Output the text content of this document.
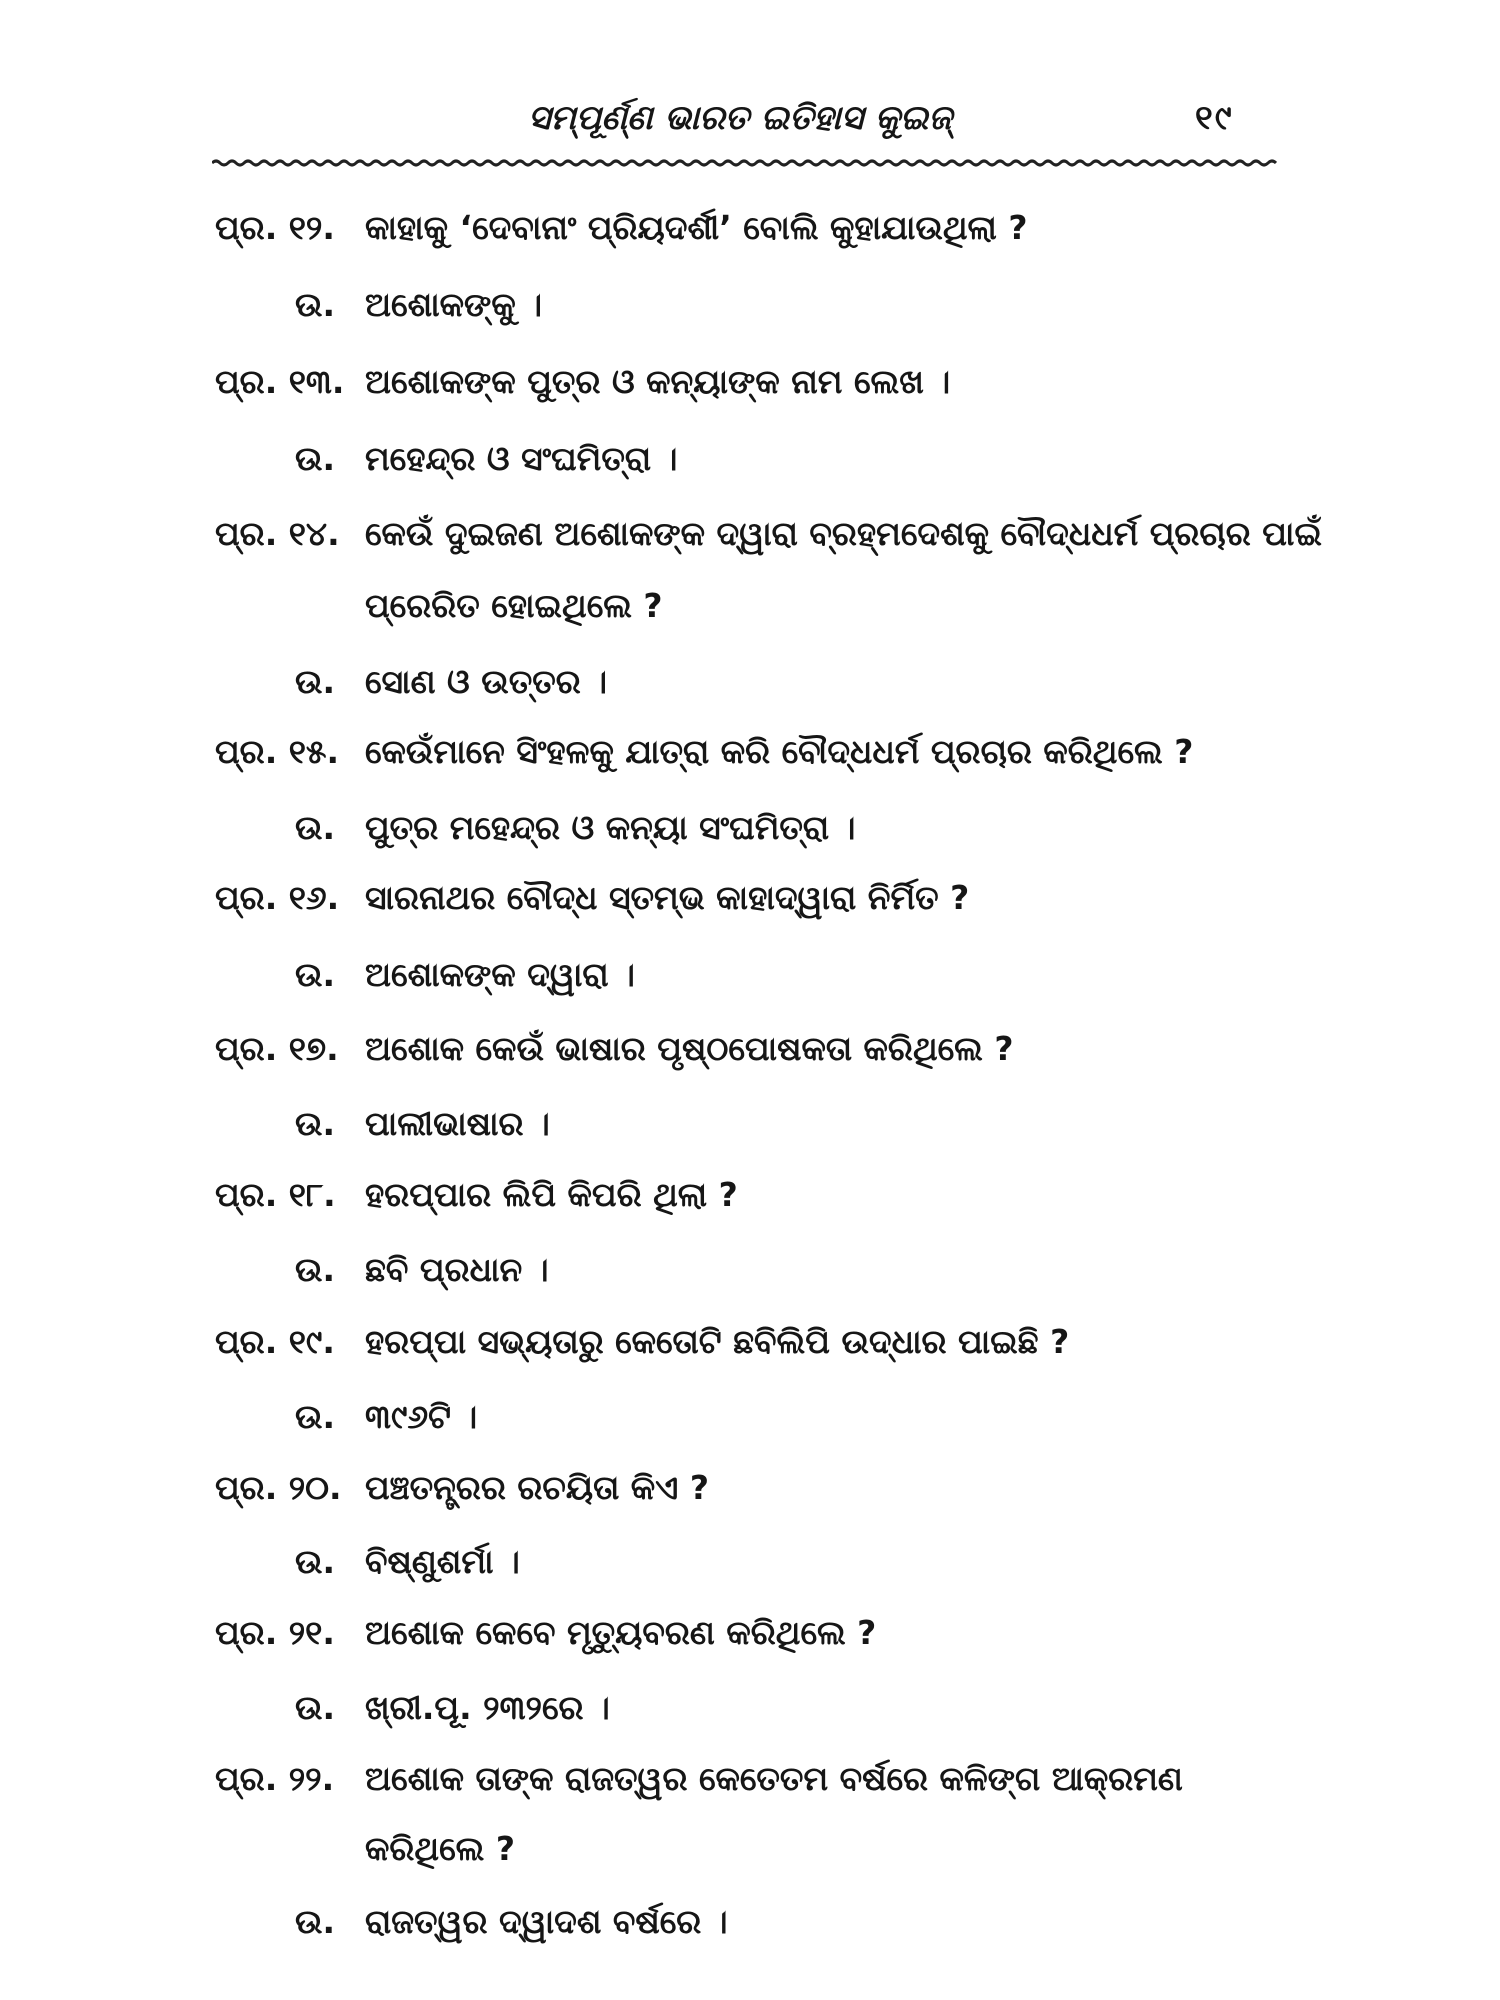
ସମ୍ପୂର୍ଣ୍ଣ ଭାରତ ଇତିହାସ କୁଇଜ୍	୧୯
ପ୍ର. ୧୨. କାହାକୁ ‘ଦେବାନାଂ ପ୍ରିୟଦର୍ଶୀ’ ବୋଲି କୁହାଯାଉଥିଲା ?
ଉ. ଅଶୋକଙ୍କୁ ।
ପ୍ର. ୧୩. ଅଶୋକଙ୍କ ପୁତ୍ର ଓ କନ୍ୟାଙ୍କ ନାମ ଲେଖ ।
ଉ. ମହେନ୍ଦ୍ର ଓ ସଂଘମିତ୍ରା ।
ପ୍ର. ୧୪. କେଉଁ ଦୁଇଜଣ ଅଶୋକଙ୍କ ଦ୍ୱାରା ବ୍ରହ୍ମଦେଶକୁ ବୌଦ୍ଧଧର୍ମ ପ୍ରଚାର ପାଇଁ
ପ୍ରେରିତ ହୋଇଥିଲେ ?
ଉ. ସୋଣ ଓ ଉତ୍ତର ।
ପ୍ର. ୧୫. କେଉଁମାନେ ସିଂହଳକୁ ଯାତ୍ରା କରି ବୌଦ୍ଧଧର୍ମ ପ୍ରଚାର କରିଥିଲେ ?
ଉ. ପୁତ୍ର ମହେନ୍ଦ୍ର ଓ କନ୍ୟା ସଂଘମିତ୍ରା ।
ପ୍ର. ୧୬. ସାରନାଥର ବୌଦ୍ଧ ସ୍ତମ୍ଭ କାହାଦ୍ୱାରା ନିର୍ମିତ ?
ଉ. ଅଶୋକଙ୍କ ଦ୍ୱାରା ।
ପ୍ର. ୧୭. ଅଶୋକ କେଉଁ ଭାଷାର ପୃଷ୍ଠପୋଷକତା କରିଥିଲେ ?
ଉ. ପାଲୀଭାଷାର ।
ପ୍ର. ୧୮. ହରପ୍ପାର ଲିପି କିପରି ଥିଲା ?
ଉ. ଛବି ପ୍ରଧାନ ।
ପ୍ର. ୧୯. ହରପ୍ପା ସଭ୍ୟତାରୁ କେତୋଟି ଛବିଲିପି ଉଦ୍ଧାର ପାଇଛି ?
ଉ. ୩୯୬ଟି ।
ପ୍ର. ୨୦. ପଞ୍ଚତନ୍ତ୍ରର ରଚୟିତା କିଏ ?
ଉ. ବିଷ୍ଣୁଶର୍ମା ।
ପ୍ର. ୨୧. ଅଶୋକ କେବେ ମୃତ୍ୟୁବରଣ କରିଥିଲେ ?
ଉ. ଖ୍ରୀ.ପୂ. ୨୩୨ରେ ।
ପ୍ର. ୨୨. ଅଶୋକ ତାଙ୍କ ରାଜତ୍ୱର କେତେତମ ବର୍ଷରେ କଳିଙ୍ଗ ଆକ୍ରମଣ
କରିଥିଲେ ?
ଉ. ରାଜତ୍ୱର ଦ୍ୱାଦଶ ବର୍ଷରେ ।
